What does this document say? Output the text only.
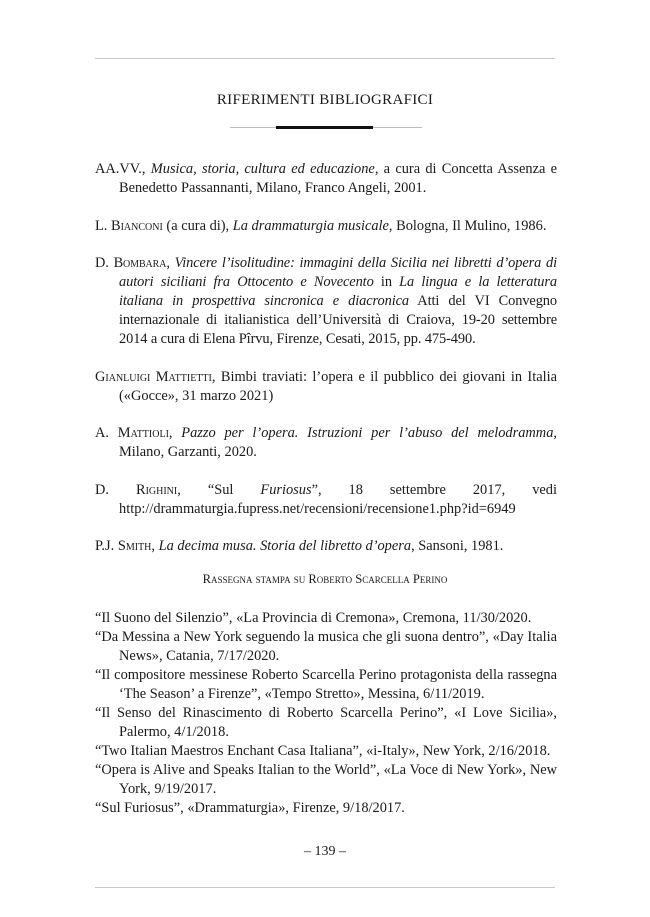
RIFERIMENTI BIBLIOGRAFICI

AA.VV., Musica, storia, cultura ed educazione, a cura di Concetta Assenza e Benedetto Passannanti, Milano, Franco Angeli, 2001.

L. Bianconi (a cura di), La drammaturgia musicale, Bologna, Il Mulino, 1986.

D. Bombara, Vincere l’isolitudine: immagini della Sicilia nei libretti d’opera di autori siciliani fra Ottocento e Novecento in La lingua e la letteratura italiana in prospettiva sincronica e diacronica Atti del VI Convegno internazionale di italianistica dell’Università di Craiova, 19-20 settembre 2014 a cura di Elena Pîrvu, Firenze, Cesati, 2015, pp. 475-490.

Gianluigi Mattietti, Bimbi traviati: l’opera e il pubblico dei giovani in Italia («Gocce», 31 marzo 2021)

A. Mattioli, Pazzo per l’opera. Istruzioni per l’abuso del melodramma, Milano, Garzanti, 2020.

D. Righini, “Sul Furiosus”, 18 settembre 2017, vedi http://drammaturgia.fupress.net/recensioni/recensione1.php?id=6949

P.J. Smith, La decima musa. Storia del libretto d’opera, Sansoni, 1981.

Rassegna stampa su Roberto Scarcella Perino

“Il Suono del Silenzio”, «La Provincia di Cremona», Cremona, 11/30/2020.

“Da Messina a New York seguendo la musica che gli suona dentro”, «Day Italia News», Catania, 7/17/2020.

“Il compositore messinese Roberto Scarcella Perino protagonista della rassegna ‘The Season’ a Firenze”, «Tempo Stretto», Messina, 6/11/2019.

“Il Senso del Rinascimento di Roberto Scarcella Perino”, «I Love Sicilia», Palermo, 4/1/2018.

“Two Italian Maestros Enchant Casa Italiana”, «i-Italy», New York, 2/16/2018.

“Opera is Alive and Speaks Italian to the World”, «La Voce di New York», New York, 9/19/2017.

“Sul Furiosus”, «Drammaturgia», Firenze, 9/18/2017.

– 139 –
